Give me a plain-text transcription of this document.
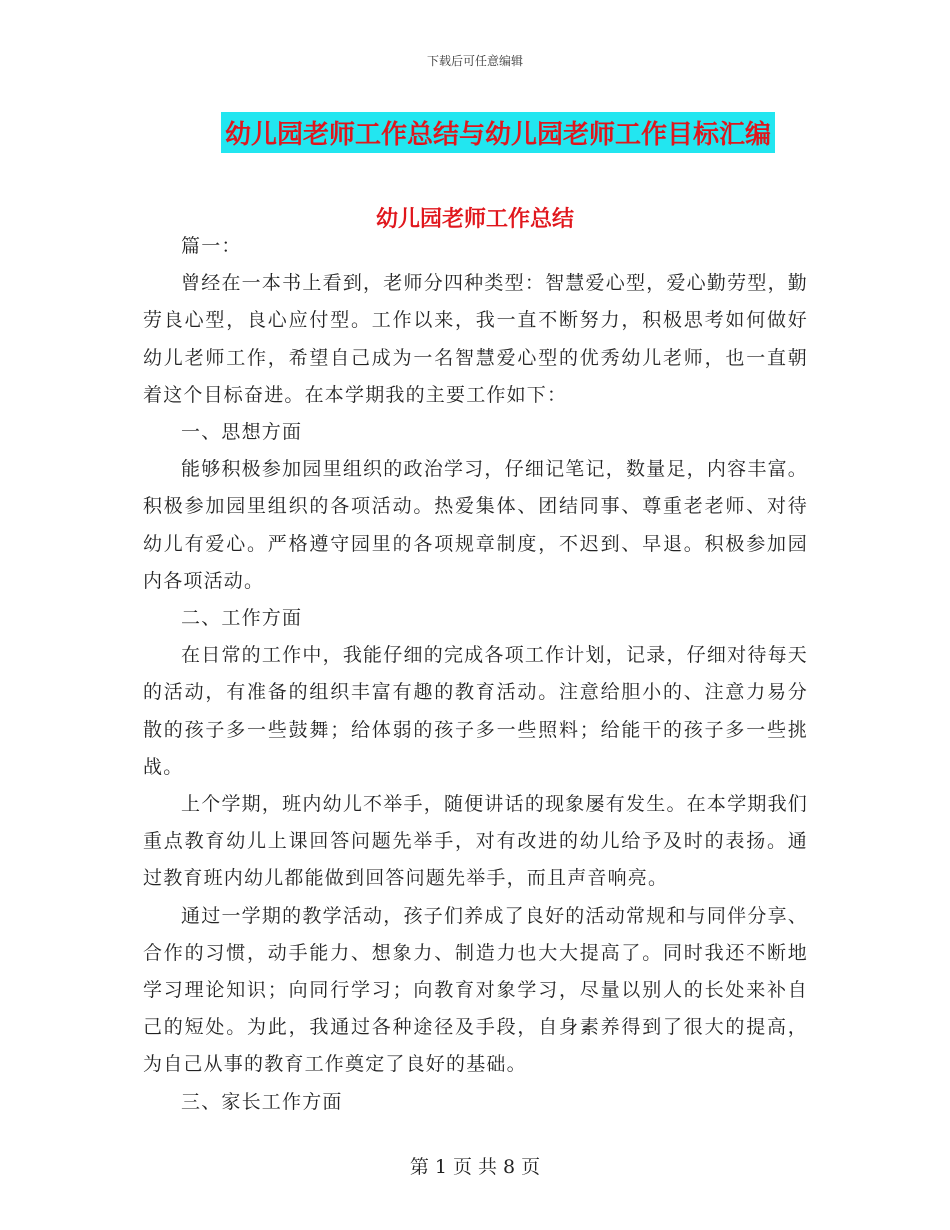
下载后可任意编辑
幼儿园老师工作总结与幼儿园老师工作目标汇编
幼儿园老师工作总结

篇一：

曾经在一本书上看到，老师分四种类型：智慧爱心型，爱心勤劳型，勤劳良心型，良心应付型。工作以来，我一直不断努力，积极思考如何做好幼儿老师工作，希望自己成为一名智慧爱心型的优秀幼儿老师，也一直朝着这个目标奋进。在本学期我的主要工作如下：

一、思想方面

能够积极参加园里组织的政治学习，仔细记笔记，数量足，内容丰富。积极参加园里组织的各项活动。热爱集体、团结同事、尊重老老师、对待幼儿有爱心。严格遵守园里的各项规章制度，不迟到、早退。积极参加园内各项活动。

二、工作方面

在日常的工作中，我能仔细的完成各项工作计划，记录，仔细对待每天的活动，有准备的组织丰富有趣的教育活动。注意给胆小的、注意力易分散的孩子多一些鼓舞；给体弱的孩子多一些照料；给能干的孩子多一些挑战。

上个学期，班内幼儿不举手，随便讲话的现象屡有发生。在本学期我们重点教育幼儿上课回答问题先举手，对有改进的幼儿给予及时的表扬。通过教育班内幼儿都能做到回答问题先举手，而且声音响亮。

通过一学期的教学活动，孩子们养成了良好的活动常规和与同伴分享、合作的习惯，动手能力、想象力、制造力也大大提高了。同时我还不断地学习理论知识；向同行学习；向教育对象学习，尽量以别人的长处来补自己的短处。为此，我通过各种途径及手段，自身素养得到了很大的提高，为自己从事的教育工作奠定了良好的基础。

三、家长工作方面

第 1 页 共 8 页
